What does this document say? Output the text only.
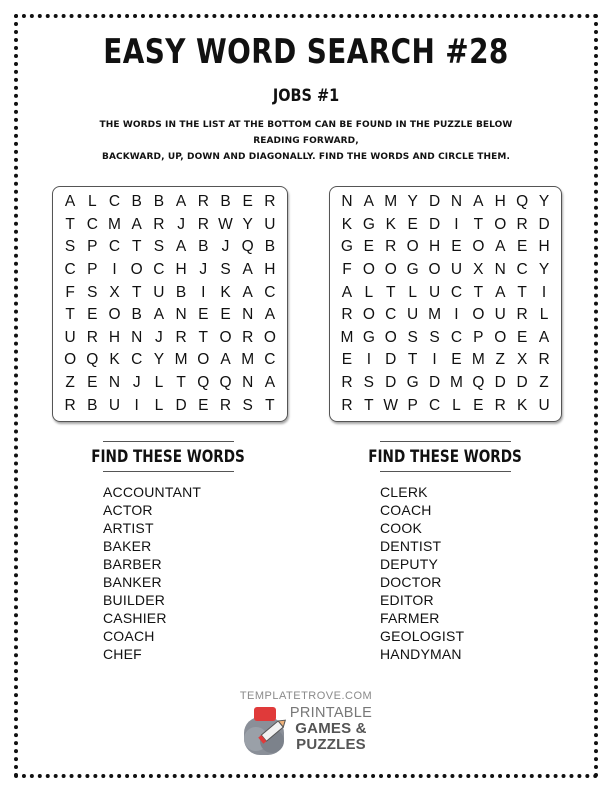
EASY WORD SEARCH #28
JOBS #1
THE WORDS IN THE LIST AT THE BOTTOM CAN BE FOUND IN THE PUZZLE BELOW READING FORWARD,
BACKWARD, UP, DOWN AND DIAGONALLY. FIND THE WORDS AND CIRCLE THEM.
A L C B B A R B E R
T C M A R J R W Y U
S P C T S A B J Q B
C P I O C H J S A H
F S X T U B I K A C
T E O B A N E E N A
U R H N J R T O R O
O Q K C Y M O A M C
Z E N J L T Q Q N A
R B U I	L D E R S T
N A M Y D N A H Q Y
K G K E D I T O R D
G E R O H E O A E H
F O O G O U X N C Y
A L T L U C T A T I
R O C U M I O U R L
M G O S S C P O E A
E I D T I E M Z X R
R S D G D M Q D D Z
R T W P C L E R K U
FIND THESE WORDS	FIND THESE WORDS
ACCOUNTANT
ACTOR
ARTIST
BAKER
BARBER
BANKER
BUILDER
CASHIER
COACH
CHEF
CLERK
COACH
COOK
DENTIST
DEPUTY
DOCTOR
EDITOR
FARMER
GEOLOGIST
HANDYMAN
TEMPLATETROVE.COM
PRINTABLE
GAMES &
PUZZLES
